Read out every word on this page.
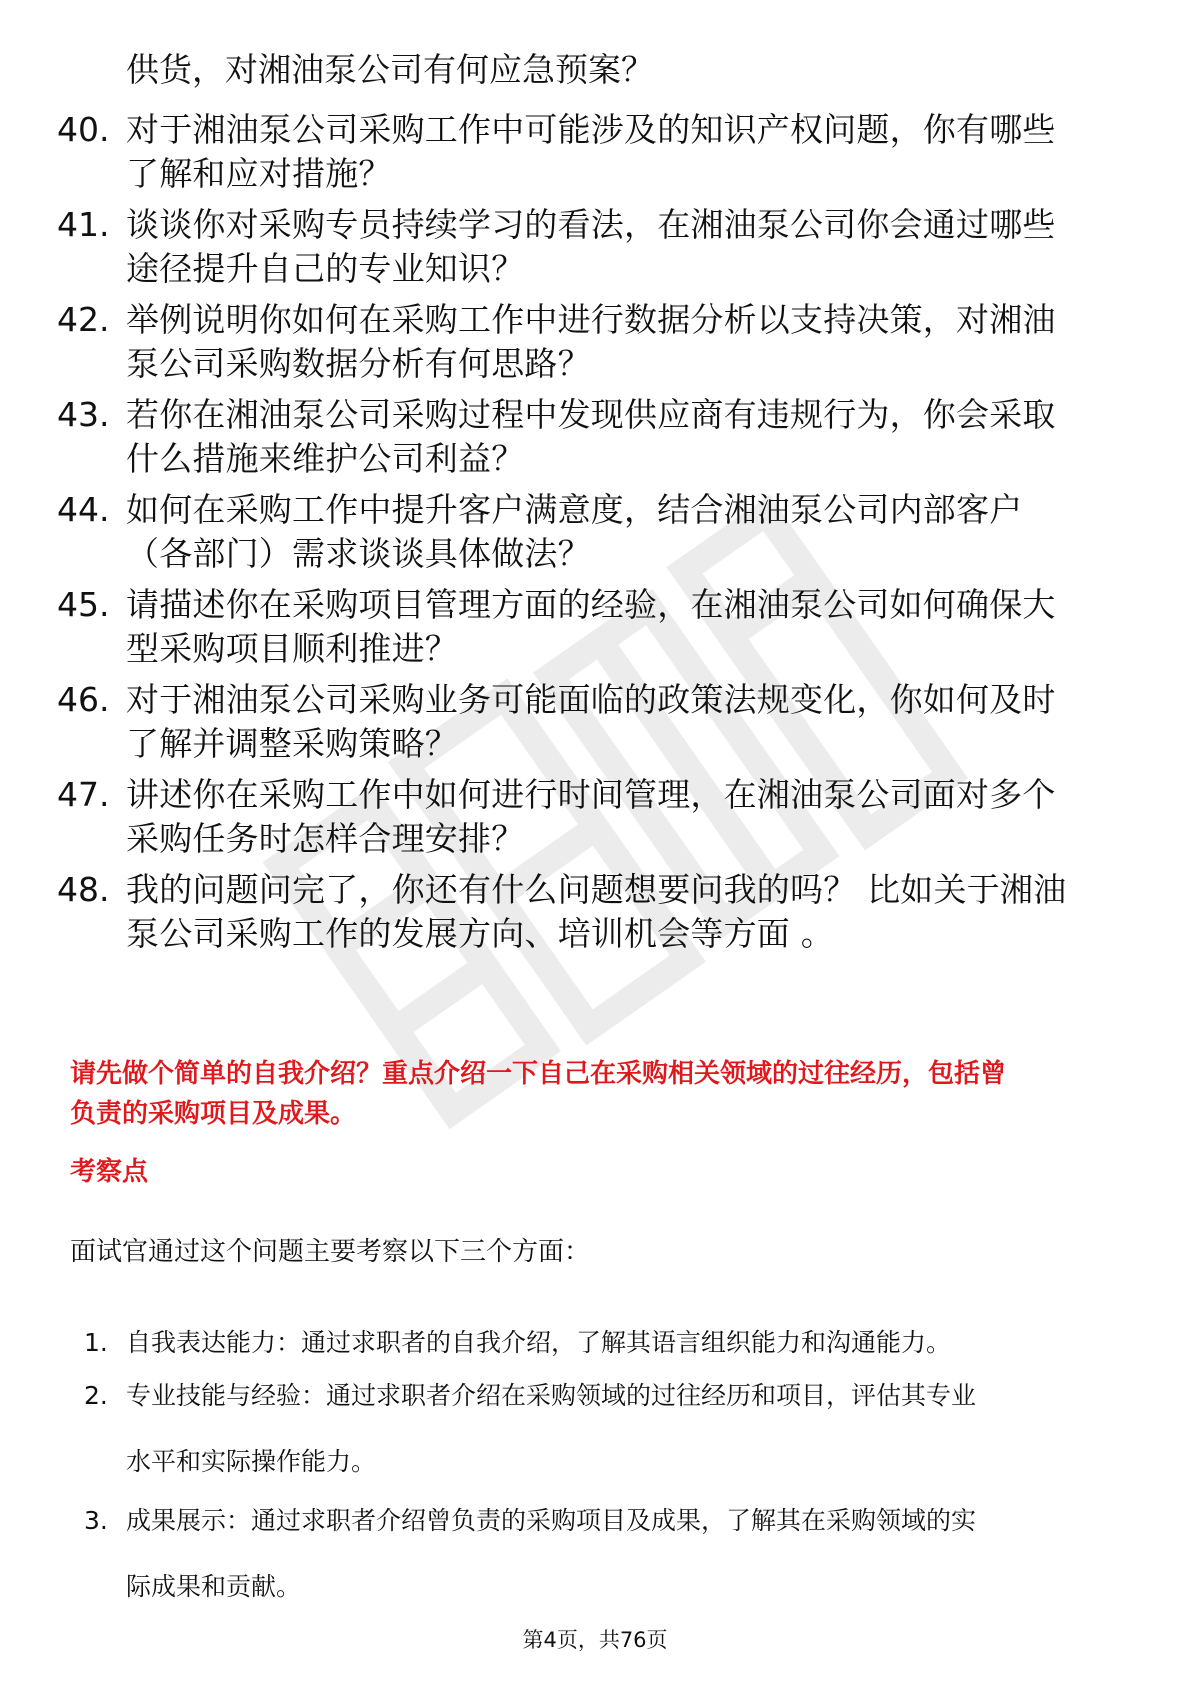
供货，对湘油泵公司有何应急预案？
40. 对于湘油泵公司采购工作中可能涉及的知识产权问题，你有哪些
了解和应对措施？
41. 谈谈你对采购专员持续学习的看法，在湘油泵公司你会通过哪些
途径提升自己的专业知识？
42. 举例说明你如何在采购工作中进行数据分析以支持决策，对湘油
泵公司采购数据分析有何思路？
43. 若你在湘油泵公司采购过程中发现供应商有违规行为，你会采取
什么措施来维护公司利益？
44. 如何在采购工作中提升客户满意度，结合湘油泵公司内部客户
（各部门）需求谈谈具体做法？
45. 请描述你在采购项目管理方面的经验，在湘油泵公司如何确保大
型采购项目顺利推进？
46. 对于湘油泵公司采购业务可能面临的政策法规变化，你如何及时
了解并调整采购策略？
47. 讲述你在采购工作中如何进行时间管理，在湘油泵公司面对多个
采购任务时怎样合理安排？
48. 我的问题问完了，你还有什么问题想要问我的吗？ 比如关于湘油
泵公司采购工作的发展方向、培训机会等方面 。
请先做个简单的自我介绍？重点介绍一下自己在采购相关领域的过往经历，包括曾
负责的采购项目及成果。
考察点
面试官通过这个问题主要考察以下三个方面：
1. 自我表达能力：通过求职者的自我介绍，了解其语言组织能力和沟通能力。
2. 专业技能与经验：通过求职者介绍在采购领域的过往经历和项目，评估其专业
水平和实际操作能力。
3. 成果展示：通过求职者介绍曾负责的采购项目及成果，了解其在采购领域的实
际成果和贡献。
第4页，共76页
